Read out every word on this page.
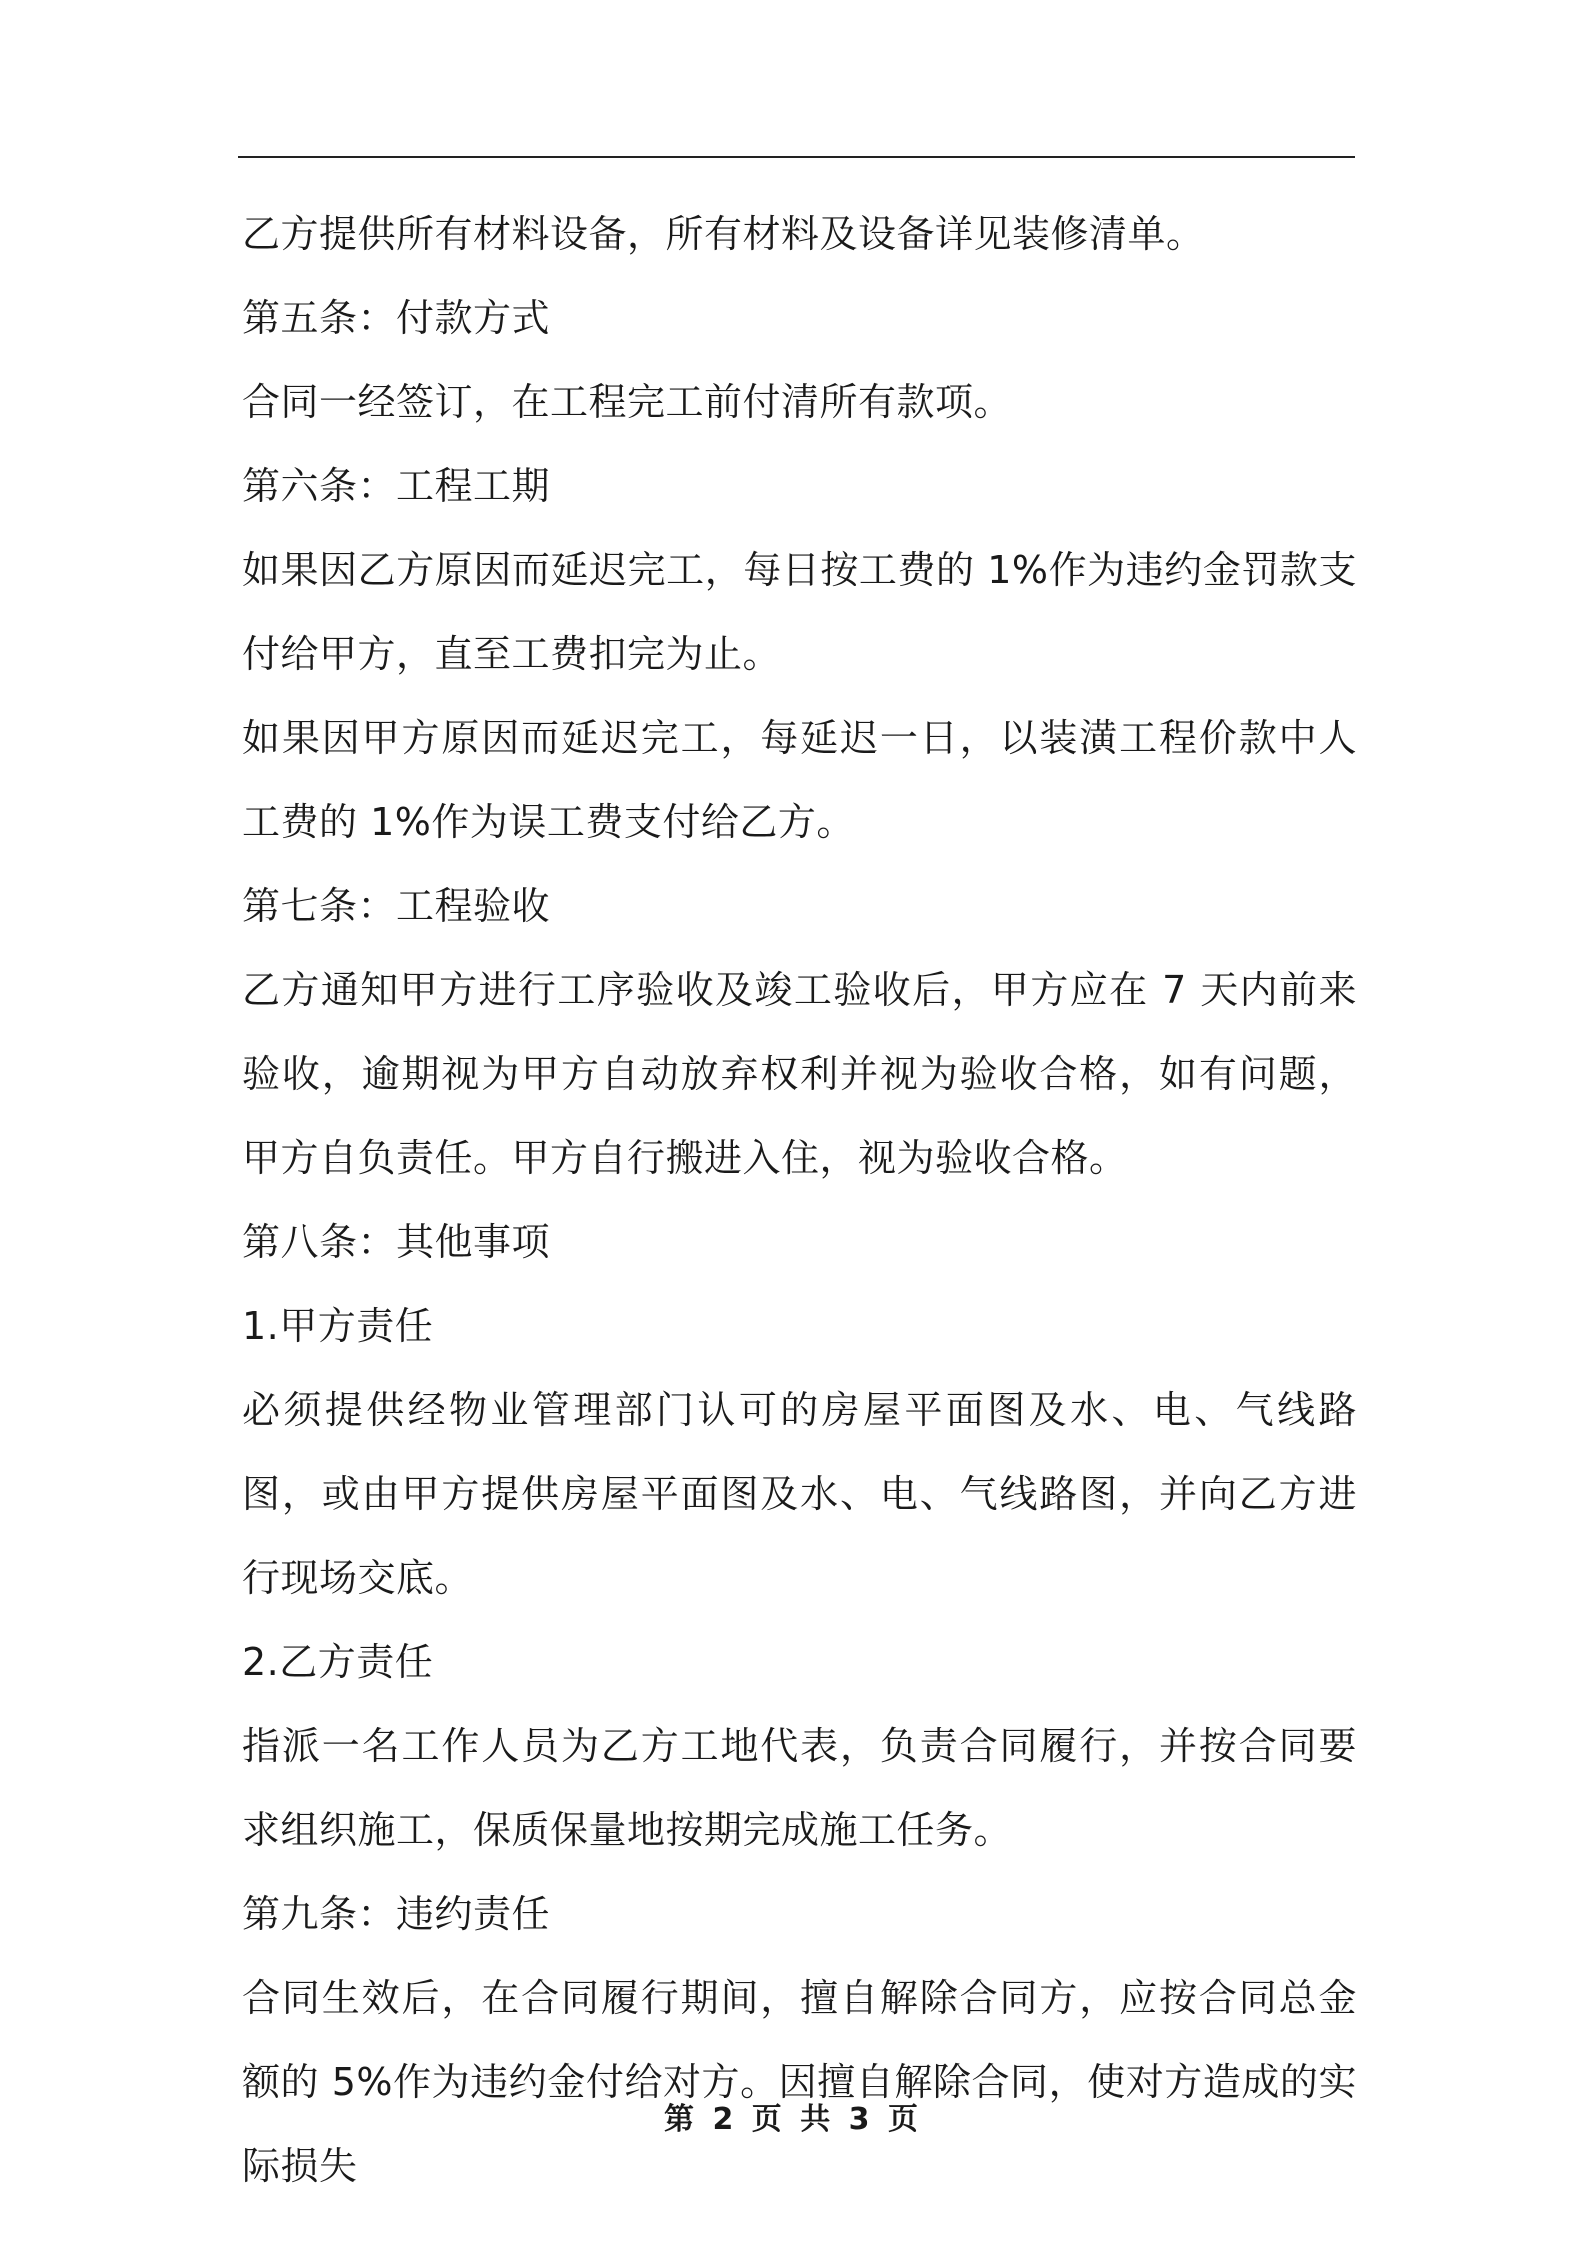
乙方提供所有材料设备，所有材料及设备详见装修清单。

第五条：付款方式

合同一经签订，在工程完工前付清所有款项。

第六条：工程工期

如果因乙方原因而延迟完工，每日按工费的 1%作为违约金罚款支付给甲方，直至工费扣完为止。

如果因甲方原因而延迟完工，每延迟一日，以装潢工程价款中人工费的 1%作为误工费支付给乙方。

第七条：工程验收

乙方通知甲方进行工序验收及竣工验收后，甲方应在 7 天内前来验收，逾期视为甲方自动放弃权利并视为验收合格，如有问题，甲方自负责任。甲方自行搬进入住，视为验收合格。

第八条：其他事项

1.甲方责任

必须提供经物业管理部门认可的房屋平面图及水、电、气线路图，或由甲方提供房屋平面图及水、电、气线路图，并向乙方进行现场交底。

2.乙方责任

指派一名工作人员为乙方工地代表，负责合同履行，并按合同要求组织施工，保质保量地按期完成施工任务。

第九条：违约责任

合同生效后，在合同履行期间，擅自解除合同方，应按合同总金额的 5%作为违约金付给对方。因擅自解除合同，使对方造成的实际损失

第 2 页 共 3 页
